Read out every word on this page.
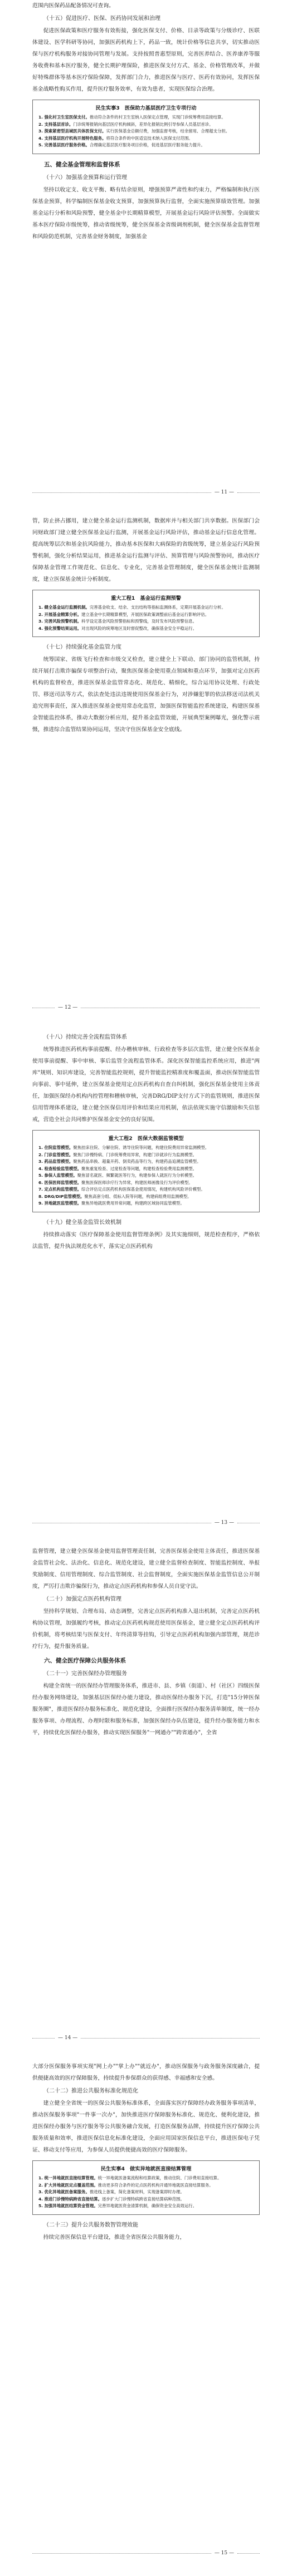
范围内医保药品配备情况可查询。

（十五）促进医疗、医保、医药协同发展和治理

促进医保政策和医疗服务有效衔接，强化医保支付、价格、目录等政策与分级诊疗、医联体建设、医学科研等协同，加强医药机构上下，药品一致，统计价格等信息共享，切实推动医保与医疗机构服务对接协同管理与发展。支持按照普惠型原则，完善医养结合、医养康养等服务收费和基本医疗服务，健全长期护理保险，推进医保支付方式、基金、价格管理改革，并做好特殊群体等基本医疗保险保障，发挥部门合力，推进医保与医疗、医药有效协同，发挥医保基金战略性购买作用，提升医疗服务效率，有效为患者，实现医保综合治理。

民生实事3　医保助力基层医疗卫生专项行动
1. 强化村卫生室医保支付。推动符合条件的村卫生室纳入医保定点管理，实现门诊统筹费用直接结算。
2. 支持基层首诊。门诊统筹报销向基层医疗机构倾斜，差异化报销比例引导参保人员基层首诊。
3. 探索紧密型县域医共体医保支付。实行医保基金总额付费，加强监督考核，结余留用、合理超支分担。
4. 支持基层医疗机构开展特色服务。将符合条件的中医适宜技术纳入医保支付范围。
5. 完善基层医疗服务价格。合理确定基层医疗服务项目价格，促进基层医疗服务能力提升。

五、健全基金管理和监督体系

（十六）加强基金预算和运行管理

坚持以收定支、收支平衡、略有结余原则，增强预算严肃性和约束力，严格编制和执行医保基金预算，科学编制医保基金收支预算，加强预算执行监督，全面实施预算绩效管理。加强基金运行分析和风险预警，健全基金中长期精算模型，开展基金运行风险评估预警。全面做实基本医疗保险市级统筹，推动省级统筹，健全医保基金省级调剂机制，健全医保基金监督管理和风险防范机制，完善基金财务制度，加强基金

— 11 —

管，防止挤占挪用，建立健全基金运行监测机制，数据库并与相关部门共享数据。医保部门会同财政部门建立健全医保基金运行监测，开展基金运行风险评估，推动基金运行信息化管理。提高统筹层次和基金抗风险能力，推动基本医保和大病保险的省级统筹，建立基金运行风险预警机制，强化分析结果运用，推进基金运行监测与评估、预算管理与风险预警协同，推动医疗保障基金管理工作规范化、信息化、专业化，完善基金管理制度，健全医保基金统计监测制度，建立医保基金统计分析制度。

重大工程1　基金运行监测预警
1. 健全基金运行监测机制。完善基金收支、结余、支出结构等指标监测体系，定期开展基金运行分析。
2. 开展基金精算分析。建立基金中长期精算模型，开展医保政策调整前后基金运行影响评估。
3. 完善风险预警机制。科学设定基金风险预警指标和预警线，及时发布风险预警信息。
4. 强化预警结果运用。对出现风险的统筹地区及时督促整改，确保基金安全平稳运行。

（十七）持续强化基金监管力度

统筹国家、省级飞行检查和市级交叉检查，建立健全上下联动、部门协同的监管机制，持续开展打击欺诈骗保专项整治行动，聚焦医保基金使用重点领域和重点环节，加强对定点医药机构的监督检查，推进医保基金监管常态化、规范化、精细化，综合运用协议处理、行政处罚、移送司法等方式，依法查处违法违规使用医保基金行为，对涉嫌犯罪的依法移送司法机关追究刑事责任，深入推进医保基金使用常态化监管，加强医保智能监控系统建设，构建医保基金智能监控体系，推动大数据分析应用，提升基金监管效能，开展典型案例曝光，强化警示震慑，推进综合监管结果协同运用，坚决守住医保基金安全底线。

— 12 —

（十八）持续完善全流程监管体系

统筹推进医药机构事前提醒、经办稽核审核、行政检查等多层次监管，建立健全医保基金使用事前提醒、事中审核、事后监管全流程监管体系。深化医保智能监控系统应用，推进"两库"规则、知识库建设，完善智能监控规则，提升智能监控精准度和覆盖面，推动医保智能监管向事前、事中延伸，建立医保基金使用定点医药机构自查自纠机制，强化医保基金使用主体责任，加强医保经办机构内控管理和稽核审核，完善DRG/DIP支付方式下的监管规则，推进医保信用管理体系建设，建立健全医保信用评价和结果应用机制，依法依规实施守信激励和失信惩戒，营造全社会共同维护医保基金安全的良好氛围。

重大工程2　医保大数据监管模型
1. 住院监管模型。聚焦挂床住院、分解住院、诱导住院等问题，构建住院费用异常监测模型。
2. 门诊监管模型。聚焦门诊慢特病、门诊统筹费用异常，构建门诊就诊行为监测模型。
3. 药品监管模型。聚焦药品串换、超量开药、倒卖药品等行为，构建药品追溯监管模型。
4. 检查检验监管模型。聚焦重复检查、过度检查等问题，构建检查检验费用监测模型。
5. 参保人监管模型。聚焦冒名就医、频繁就医等行为，构建参保人就医行为分析模型。
6. 医保医师监管模型。聚焦医保医师诊疗行为异常，构建医师画像及行为评价模型。
7. 定点机构监管模型。综合评估定点医药机构医保基金使用情况，构建机构风险评价模型。
8. DRG/DIP监管模型。聚焦高套分组、低标入院等问题，构建病组费用监测模型。
9. 异地就医监管模型。聚焦异地就医费用异常问题，构建跨区域协同监管模型。

（十九）健全基金监管长效机制

持续推动落实《医疗保障基金使用监督管理条例》及其实施细则，规范检查程序，严格依法监管，提升执法规范化水平，落实定点医药机构

— 13 —

监督管理，建立健全医保基金使用监督管理责任制，完善医保基金使用主体责任，推进医保基金监管社会化、法治化、信息化、规范化建设，建立健全监督检查制度、智能监控制度、举报奖励制度、信用管理制度、综合监管制度、社会监督制度，全面实施医保基金监管信息公开制度，严厉打击欺诈骗保行为，推动定点医药机构和参保人员自觉守法。

（二十）加强定点医药机构管理

坚持科学规划、合理布局、动态调整，完善定点医药机构准入退出机制，完善定点医药机构协议管理，加强履约考核，推动定点医药机构规范使用医保基金，建立健全定点医药机构评价机制，将考核结果与医保支付、年终清算等挂钩，引导定点医药机构加强内部管理，规范诊疗行为，提升服务质量。

六、健全医疗保障公共服务体系

（二十一）完善医保经办管理服务

构建全省统一的医保经办管理服务体系，推进市、县、乡镇（街道）、村（社区）四级医保经办服务网络建设，加强基层医保经办能力建设，推动医保经办服务下沉，打造"15分钟医保服务圈"，推进医保经办服务标准化、规范化建设，全面推行医保经办服务清单制度，统一经办服务事项、办理流程、办理时限和服务标准，加强医保经办队伍建设，提升经办服务能力和水平，持续优化医保经办服务，推动实现医保服务"一网通办""跨省通办"，全省

— 14 —

大部分医保服务事项实现"网上办""掌上办""就近办"，推动医保服务与政务服务深度融合，提供便捷高效的医疗保障服务，持续提升参保群众的获得感、幸福感和安全感。

（二十二）推进公共服务标准化规范化

建立健全全省统一的医保公共服务标准体系，全面落实医疗保障经办政务服务事项清单，推动医保服务事项"一件事一次办"，加快推进医疗保障服务标准化、规范化、便利化建设，推进医保经办服务与医疗服务等公共服务融合发展，打造医保服务品牌，持续提升医疗保障公共服务质量和效率，推进医保信息化标准化建设，全面应用国家医保信息平台，推进医保电子凭证、移动支付等应用，为参保人员提供便捷高效的医疗保障服务。

民生实事4　做实异地就医直接结算管理
1. 统一异地就医直接结算管理。统一异地就医备案流程和结算政策，推动住院、门诊费用直接结算。
2. 扩大异地就医定点覆盖范围。推动更多符合条件的定点医药机构开通异地就医直接结算服务。
3. 优化异地就医备案服务。推进线上备案，简化备案材料，实现备案即时办理。
4. 推进门诊慢特病跨省直接结算。逐步扩大门诊慢特病跨省直接结算病种范围。
5. 加强异地就医结算资金管理。完善异地就医资金清算机制，确保资金安全高效运行。

（二十三）提升公共服务数智管理效能

持续完善医保信息平台建设，推进全省医保公共服务能力，

— 15 —
